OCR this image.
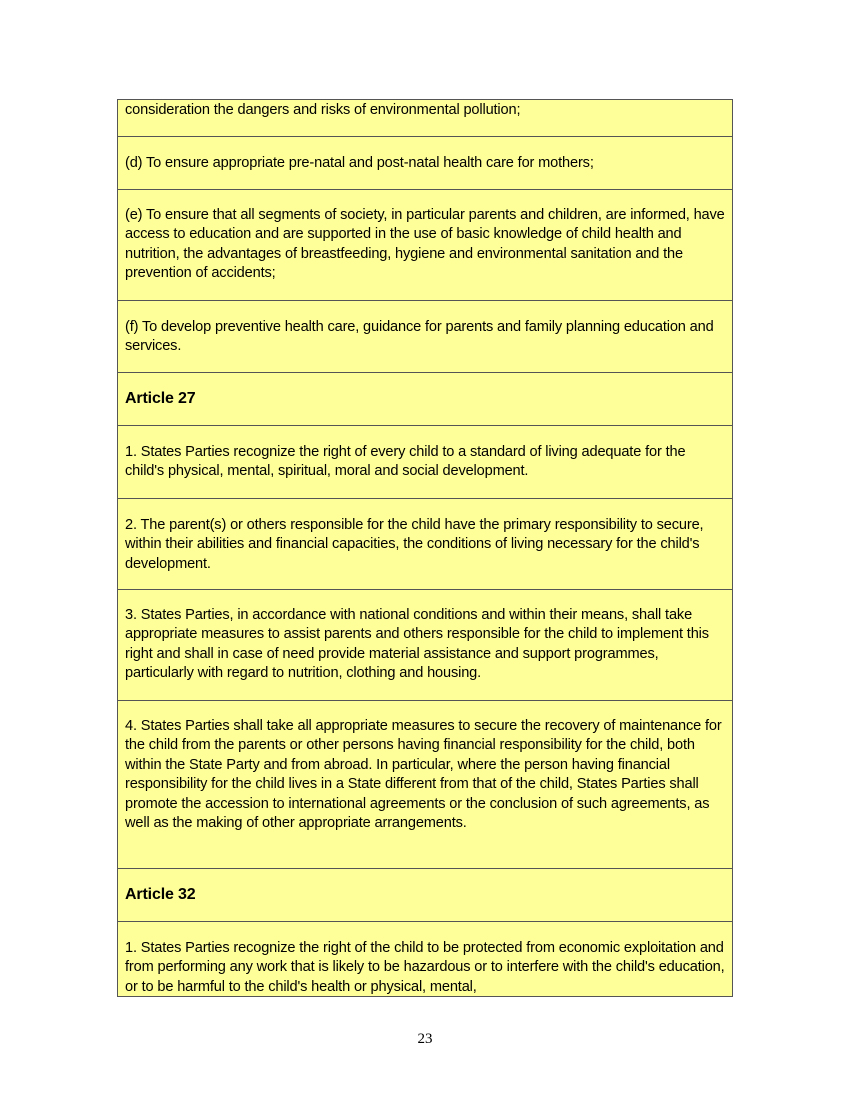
consideration the dangers and risks of environmental pollution;
(d) To ensure appropriate pre-natal and post-natal health care for mothers;
(e) To ensure that all segments of society, in particular parents and children, are informed, have access to education and are supported in the use of basic knowledge of child health and nutrition, the advantages of breastfeeding, hygiene and environmental sanitation and the prevention of accidents;
(f) To develop preventive health care, guidance for parents and family planning education and services.
Article 27
1. States Parties recognize the right of every child to a standard of living adequate for the child's physical, mental, spiritual, moral and social development.
2. The parent(s) or others responsible for the child have the primary responsibility to secure, within their abilities and financial capacities, the conditions of living necessary for the child's development.
3. States Parties, in accordance with national conditions and within their means, shall take appropriate measures to assist parents and others responsible for the child to implement this right and shall in case of need provide material assistance and support programmes, particularly with regard to nutrition, clothing and housing.
4. States Parties shall take all appropriate measures to secure the recovery of maintenance for the child from the parents or other persons having financial responsibility for the child, both within the State Party and from abroad. In particular, where the person having financial responsibility for the child lives in a State different from that of the child, States Parties shall promote the accession to international agreements or the conclusion of such agreements, as well as the making of other appropriate arrangements.
Article 32
1. States Parties recognize the right of the child to be protected from economic exploitation and from performing any work that is likely to be hazardous or to interfere with the child's education, or to be harmful to the child's health or physical, mental,
23
